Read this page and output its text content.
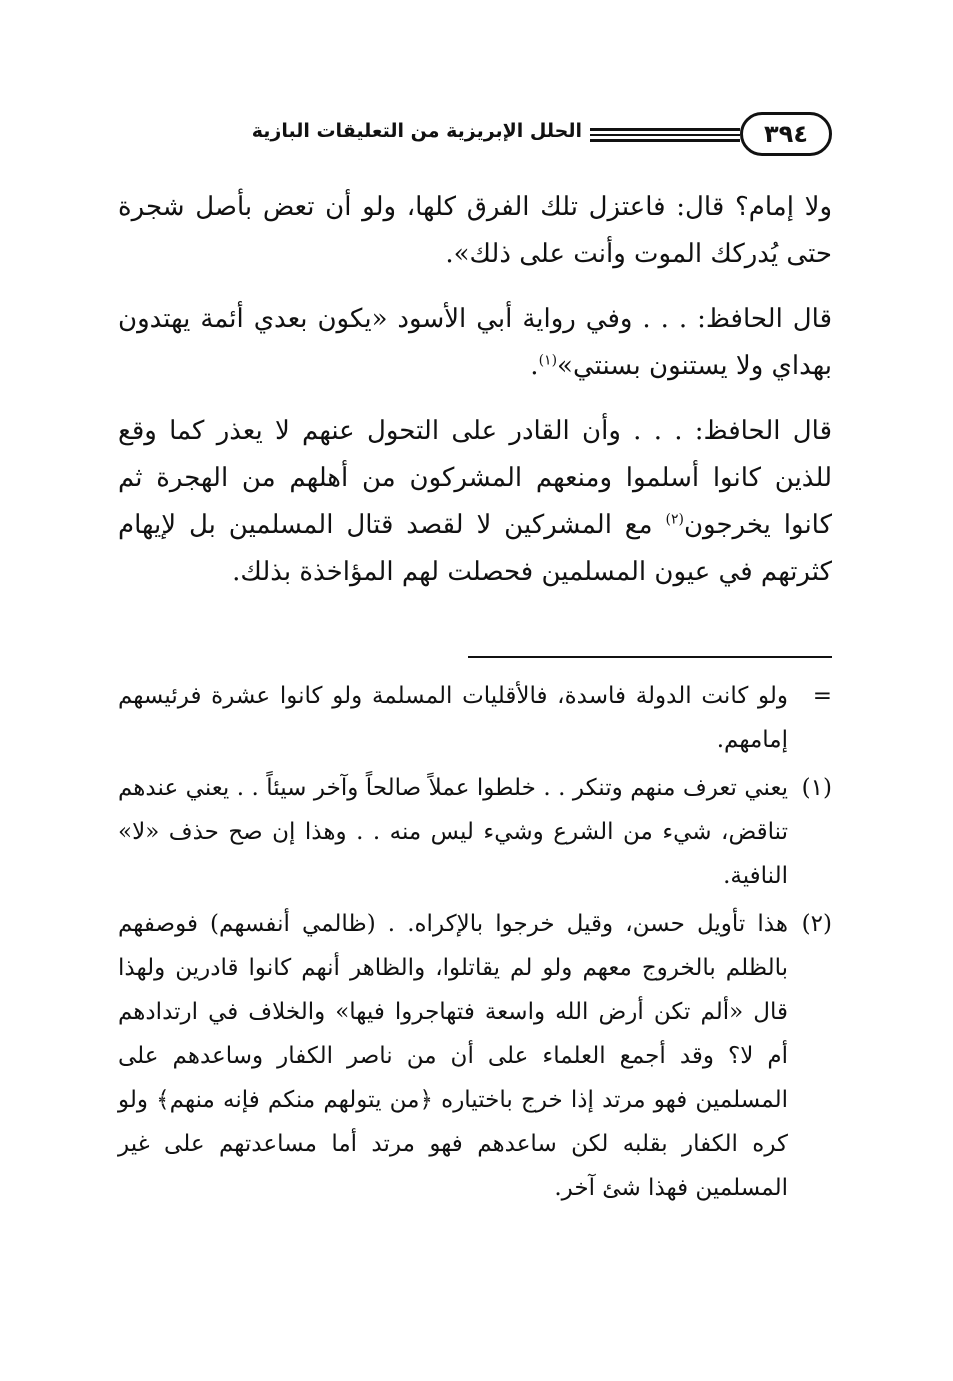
٣٩٤
الحلل الإبريزية من التعليقات البازية

ولا إمام؟ قال: فاعتزل تلك الفرق كلها، ولو أن تعض بأصل شجرة حتى يُدركك الموت وأنت على ذلك».

قال الحافظ: . . . وفي رواية أبي الأسود «يكون بعدي أئمة يهتدون بهداي ولا يستنون بسنتي»$^{(١)}$.

قال الحافظ: . . . وأن القادر على التحول عنهم لا يعذر كما وقع للذين كانوا أسلموا ومنعهم المشركون من أهلهم من الهجرة ثم كانوا يخرجون$^{(٢)}$ مع المشركين لا لقصد قتال المسلمين بل لإيهام كثرتهم في عيون المسلمين فحصلت لهم المؤاخذة بذلك.

=
ولو كانت الدولة فاسدة، فالأقليات المسلمة ولو كانوا عشرة فرئيسهم إمامهم.
(١)
يعني تعرف منهم وتنكر . . خلطوا عملاً صالحاً وآخر سيئاً . . يعني عندهم تناقض، شيء من الشرع وشيء ليس منه . . وهذا إن صح حذف «لا» النافية.
(٢)
هذا تأويل حسن، وقيل خرجوا بالإكراه. . (ظالمي أنفسهم) فوصفهم بالظلم بالخروج معهم ولو لم يقاتلوا، والظاهر أنهم كانوا قادرين ولهذا قال «ألم تكن أرض الله واسعة فتهاجروا فيها» والخلاف في ارتدادهم أم لا؟ وقد أجمع العلماء على أن من ناصر الكفار وساعدهم على المسلمين فهو مرتد إذا خرج باختياره ﴿من يتولهم منكم فإنه منهم﴾ ولو كره الكفار بقلبه لكن ساعدهم فهو مرتد أما مساعدتهم على غير المسلمين فهذا شئ آخر.
